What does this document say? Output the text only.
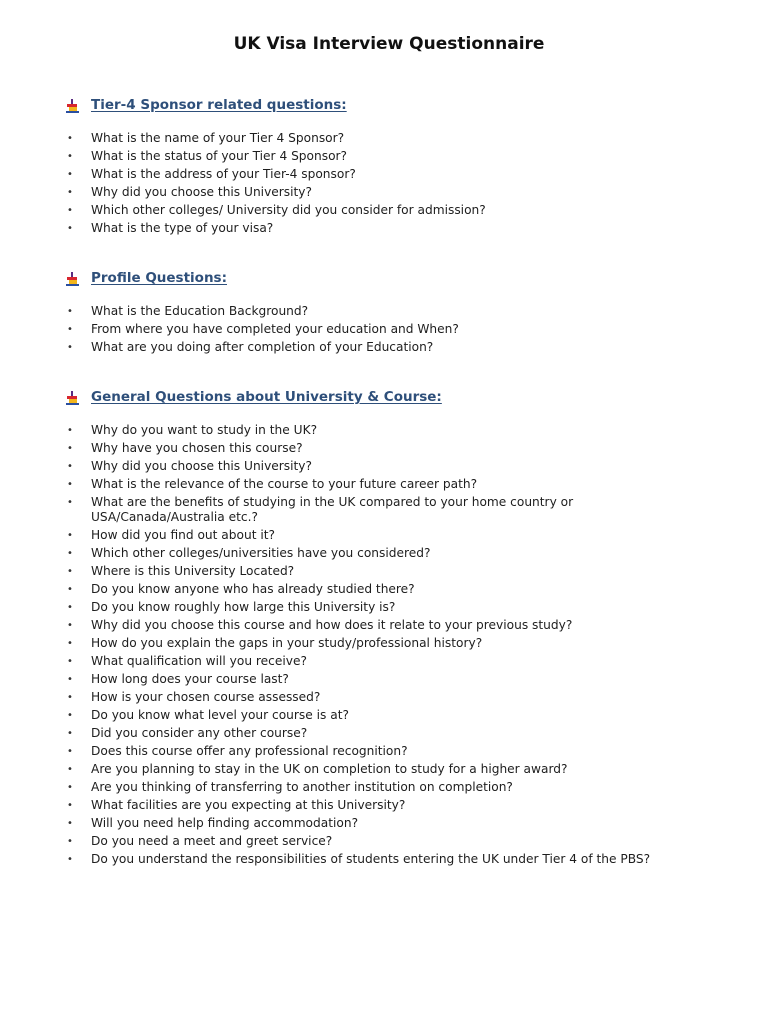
UK Visa Interview Questionnaire
Tier-4 Sponsor related questions:
• What is the name of your Tier 4 Sponsor?
• What is the status of your Tier 4 Sponsor?
• What is the address of your Tier-4 sponsor?
• Why did you choose this University?
• Which other colleges/ University did you consider for admission?
• What is the type of your visa?
Profile Questions:
• What is the Education Background?
• From where you have completed your education and When?
• What are you doing after completion of your Education?
General Questions about University & Course:
• Why do you want to study in the UK?
• Why have you chosen this course?
• Why did you choose this University?
• What is the relevance of the course to your future career path?
• What are the benefits of studying in the UK compared to your home country or USA/Canada/Australia etc.?
• How did you find out about it?
• Which other colleges/universities have you considered?
• Where is this University Located?
• Do you know anyone who has already studied there?
• Do you know roughly how large this University is?
• Why did you choose this course and how does it relate to your previous study?
• How do you explain the gaps in your study/professional history?
• What qualification will you receive?
• How long does your course last?
• How is your chosen course assessed?
• Do you know what level your course is at?
• Did you consider any other course?
• Does this course offer any professional recognition?
• Are you planning to stay in the UK on completion to study for a higher award?
• Are you thinking of transferring to another institution on completion?
• What facilities are you expecting at this University?
• Will you need help finding accommodation?
• Do you need a meet and greet service?
• Do you understand the responsibilities of students entering the UK under Tier 4 of the PBS?
